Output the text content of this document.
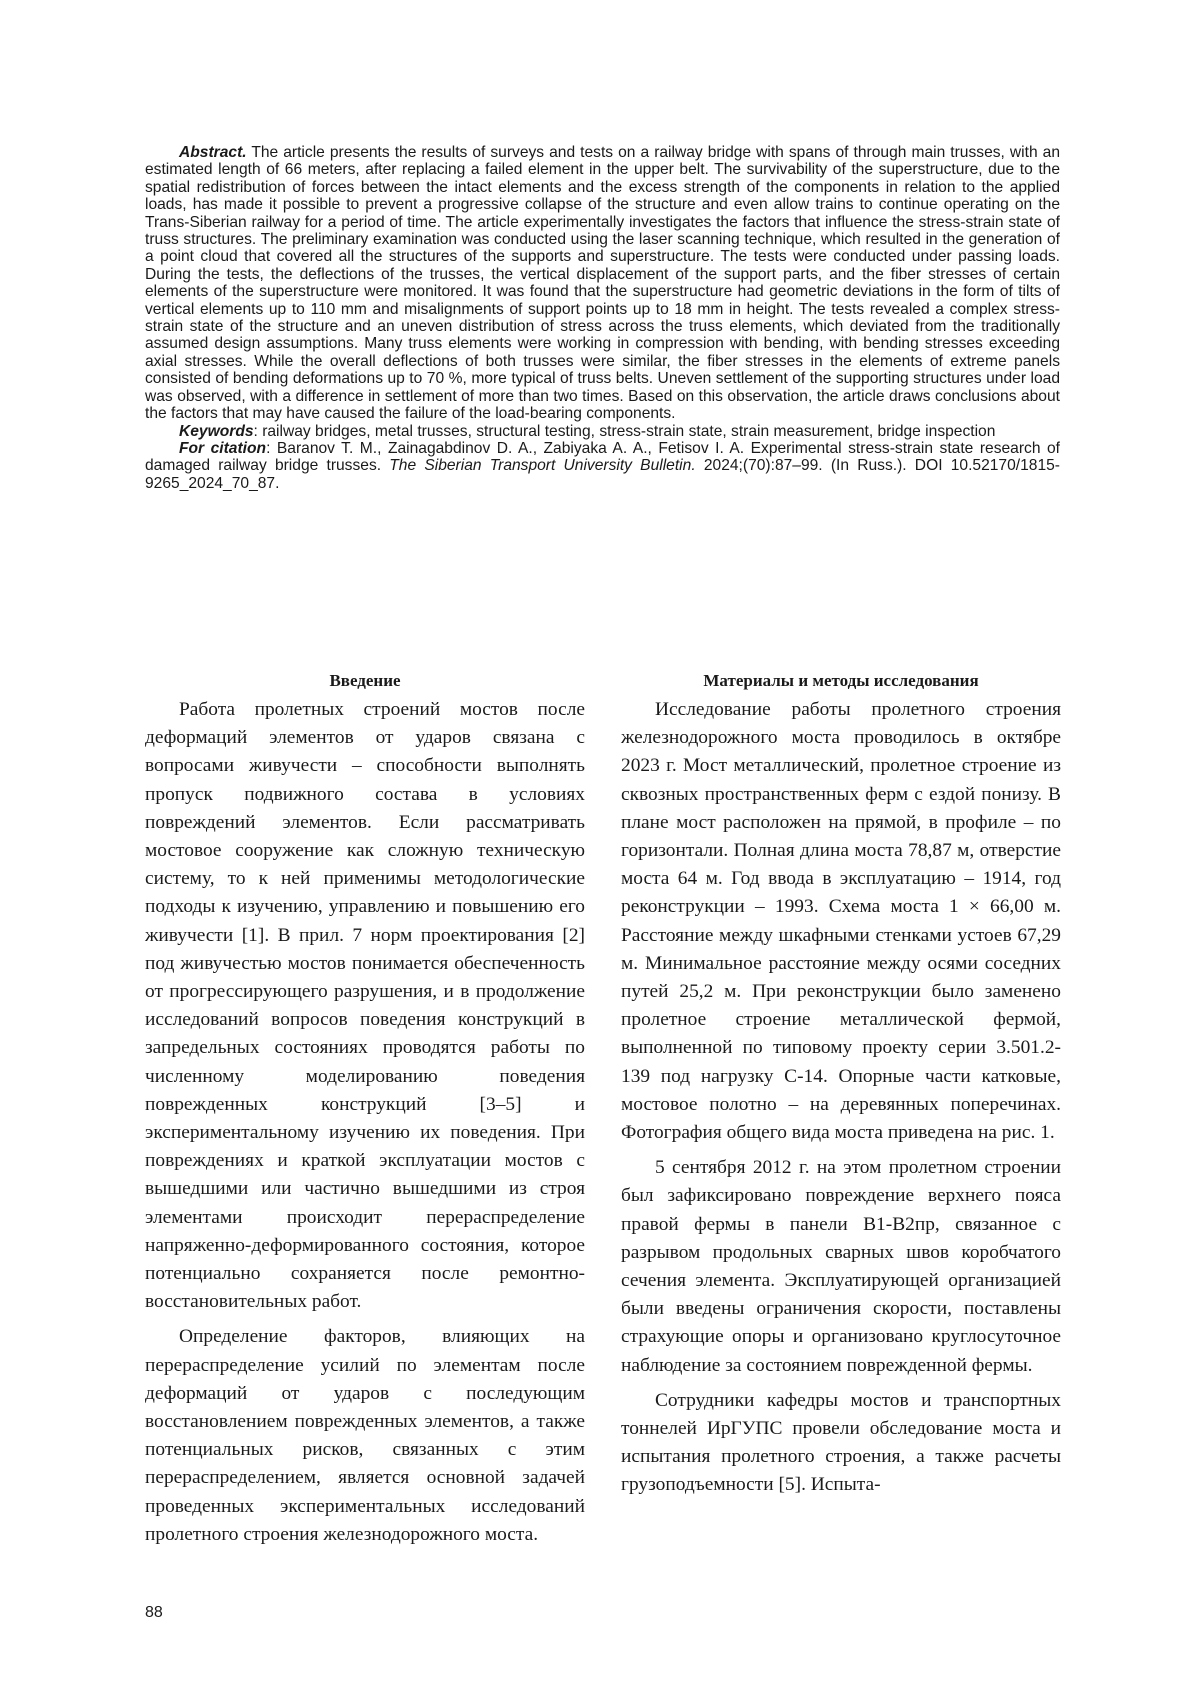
Abstract. The article presents the results of surveys and tests on a railway bridge with spans of through main trusses, with an estimated length of 66 meters, after replacing a failed element in the upper belt. The survivability of the superstructure, due to the spatial redistribution of forces between the intact elements and the excess strength of the components in relation to the applied loads, has made it possible to prevent a progressive collapse of the structure and even allow trains to continue operating on the Trans-Siberian railway for a period of time. The article experimentally investigates the factors that influence the stress-strain state of truss structures. The preliminary examination was conducted using the laser scanning technique, which resulted in the generation of a point cloud that covered all the structures of the supports and superstructure. The tests were conducted under passing loads. During the tests, the deflections of the trusses, the vertical displacement of the support parts, and the fiber stresses of certain elements of the superstructure were monitored. It was found that the superstructure had geometric deviations in the form of tilts of vertical elements up to 110 mm and misalignments of support points up to 18 mm in height. The tests revealed a complex stress-strain state of the structure and an uneven distribution of stress across the truss elements, which deviated from the traditionally assumed design assumptions. Many truss elements were working in compression with bending, with bending stresses exceeding axial stresses. While the overall deflections of both trusses were similar, the fiber stresses in the elements of extreme panels consisted of bending deformations up to 70 %, more typical of truss belts. Uneven settlement of the supporting structures under load was observed, with a difference in settlement of more than two times. Based on this observation, the article draws conclusions about the factors that may have caused the failure of the load-bearing components.

Keywords: railway bridges, metal trusses, structural testing, stress-strain state, strain measurement, bridge inspection

For citation: Baranov T. M., Zainagabdinov D. A., Zabiyaka A. A., Fetisov I. A. Experimental stress-strain state research of damaged railway bridge trusses. The Siberian Transport University Bulletin. 2024;(70):87–99. (In Russ.). DOI 10.52170/1815-9265_2024_70_87.

Введение

Работа пролетных строений мостов после деформаций элементов от ударов связана с вопросами живучести – способности выполнять пропуск подвижного состава в условиях повреждений элементов. Если рассматривать мостовое сооружение как сложную техническую систему, то к ней применимы методологические подходы к изучению, управлению и повышению его живучести [1]. В прил. 7 норм проектирования [2] под живучестью мостов понимается обеспеченность от прогрессирующего разрушения, и в продолжение исследований вопросов поведения конструкций в запредельных состояниях проводятся работы по численному моделированию поведения поврежденных конструкций [3–5] и экспериментальному изучению их поведения. При повреждениях и краткой эксплуатации мостов с вышедшими или частично вышедшими из строя элементами происходит перераспределение напряженно-деформированного состояния, которое потенциально сохраняется после ремонтно-восстановительных работ.

Определение факторов, влияющих на перераспределение усилий по элементам после деформаций от ударов с последующим восстановлением поврежденных элементов, а также потенциальных рисков, связанных с этим перераспределением, является основной задачей проведенных экспериментальных исследований пролетного строения железнодорожного моста.

Материалы и методы исследования

Исследование работы пролетного строения железнодорожного моста проводилось в октябре 2023 г. Мост металлический, пролетное строение из сквозных пространственных ферм с ездой понизу. В плане мост расположен на прямой, в профиле – по горизонтали. Полная длина моста 78,87 м, отверстие моста 64 м. Год ввода в эксплуатацию – 1914, год реконструкции – 1993. Схема моста 1 × 66,00 м. Расстояние между шкафными стенками устоев 67,29 м. Минимальное расстояние между осями соседних путей 25,2 м. При реконструкции было заменено пролетное строение металлической фермой, выполненной по типовому проекту серии 3.501.2-139 под нагрузку С-14. Опорные части катковые, мостовое полотно – на деревянных поперечинах. Фотография общего вида моста приведена на рис. 1.

5 сентября 2012 г. на этом пролетном строении был зафиксировано повреждение верхнего пояса правой фермы в панели В1-В2пр, связанное с разрывом продольных сварных швов коробчатого сечения элемента. Эксплуатирующей организацией были введены ограничения скорости, поставлены страхующие опоры и организовано круглосуточное наблюдение за состоянием поврежденной фермы.

Сотрудники кафедры мостов и транспортных тоннелей ИрГУПС провели обследование моста и испытания пролетного строения, а также расчеты грузоподъемности [5]. Испыта-

88
